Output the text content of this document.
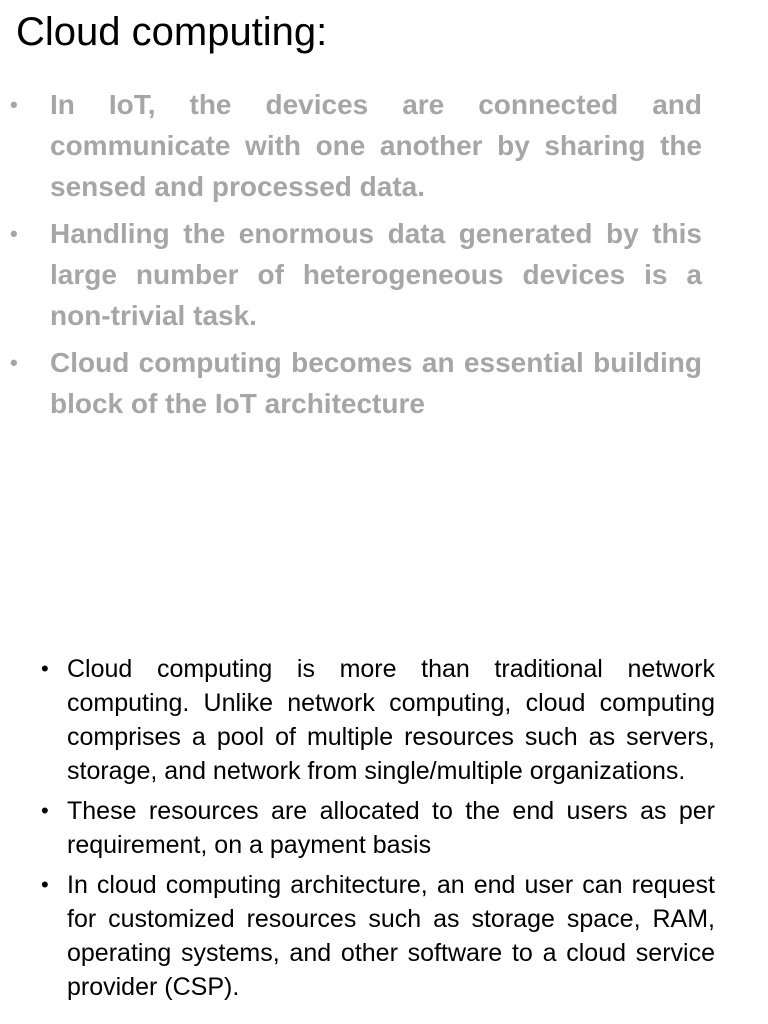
Cloud computing:
• In IoT, the devices are connected and communicate with one another by sharing the sensed and processed data.
• Handling the enormous data generated by this large number of heterogeneous devices is a non-trivial task.
• Cloud computing becomes an essential building block of the IoT architecture
• Cloud computing is more than traditional network computing. Unlike network computing, cloud computing comprises a pool of multiple resources such as servers, storage, and network from single/multiple organizations.
• These resources are allocated to the end users as per requirement, on a payment basis
• In cloud computing architecture, an end user can request for customized resources such as storage space, RAM, operating systems, and other software to a cloud service provider (CSP).
